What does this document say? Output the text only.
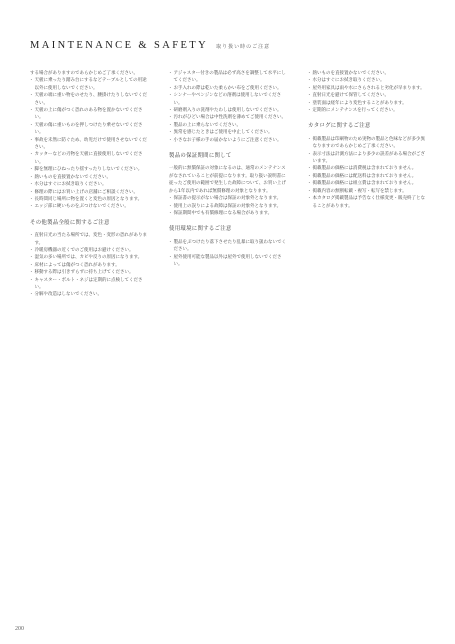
MAINTENANCE & SAFETY 取り扱い時のご注意
する場合がありますのであらかじめご了承ください。
・ 天板に乗ったり踏み台にするなどテーブルとしての用途以外に使用しないでください。
・ 天板の端に重い物をのせたり、腰掛けたりしないでください。
・ 天板の上に傷がつく恐れのある物を置かないでください。
・ 天板の傷に重いものを押しつけたり乗せないでください。
・ 事故を未然に防ぐため、幼児だけで使用させないでください。
・ カッターなどの刃物を天板に直接使用しないでください。
・ 脚を無理にひねったり揺すったりしないでください。
・ 熱いものを直接置かないでください。
・ 水分はすぐにお拭き取りください。
・ 修理の際にはお買い上げの店舗にご相談ください。
・ 長時間同じ場所に物を置くと変色の原因となります。
・ エッジ部に硬いものをぶつけないでください。
その他製品全般に関するご注意
・ 直射日光の当たる場所では、変色・変形の恐れがあります。
・ 冷暖房機器の近くでのご使用はお避けください。
・ 湿気の多い場所では、カビや反りの原因になります。
・ 床材によっては傷がつく恐れがあります。
・ 移動する際は引きずらずに持ち上げてください。
・ キャスター・ボルト・ネジは定期的に点検してください。
・ 分解や改造はしないでください。
・ アジャスター付きの製品は必ず高さを調整して水平にしてください。
・ お手入れの際は乾いた柔らかい布をご使用ください。
・ シンナーやベンジンなどの溶剤は使用しないでください。
・ 研磨剤入りの洗剤やたわしは使用しないでください。
・ 汚れがひどい場合は中性洗剤を薄めてご使用ください。
・ 製品の上に乗らないでください。
・ 異常を感じたときはご使用を中止してください。
・ 小さなお子様の手の届かないようにご注意ください。
製品の保証期間に関して
一般的に無償保証の対象になるのは、通常のメンテナンスがなされていることが前提になります。取り扱い説明書に従ったご使用の範囲で発生した故障について、お買い上げから1年以内であれば無償修理の対象となります。
・ 保証書の提示がない場合は保証の対象外となります。
・ 使用上の誤りによる故障は保証の対象外となります。
・ 保証期間中でも有償修理になる場合があります。
使用環境に関するご注意
・ 製品をぶつけたり落下させたり乱暴に取り扱わないでください。
・ 屋外使用可能な製品以外は屋外で使用しないでください。
・ 熱いものを直接置かないでください。
・ 水分はすぐにお拭き取りください。
・ 屋外用家具は雨や水にさらされると劣化が早まります。
・ 直射日光を避けて保管してください。
・ 塗装面は経年により変色することがあります。
・ 定期的にメンテナンスを行ってください。
カタログに関するご注意
・ 掲載製品は印刷物のため実物の製品と色味などが多少異なりますのであらかじめご了承ください。
・ 表示寸法は計測方法により多少の誤差がある場合がございます。
・ 掲載製品の価格には消費税は含まれておりません。
・ 掲載製品の価格には配送料は含まれておりません。
・ 掲載製品の価格には組立費は含まれておりません。
・ 掲載内容の無断転載・複写・転写を禁じます。
・ 本カタログ掲載製品は予告なく仕様変更・販売終了となることがあります。
200
